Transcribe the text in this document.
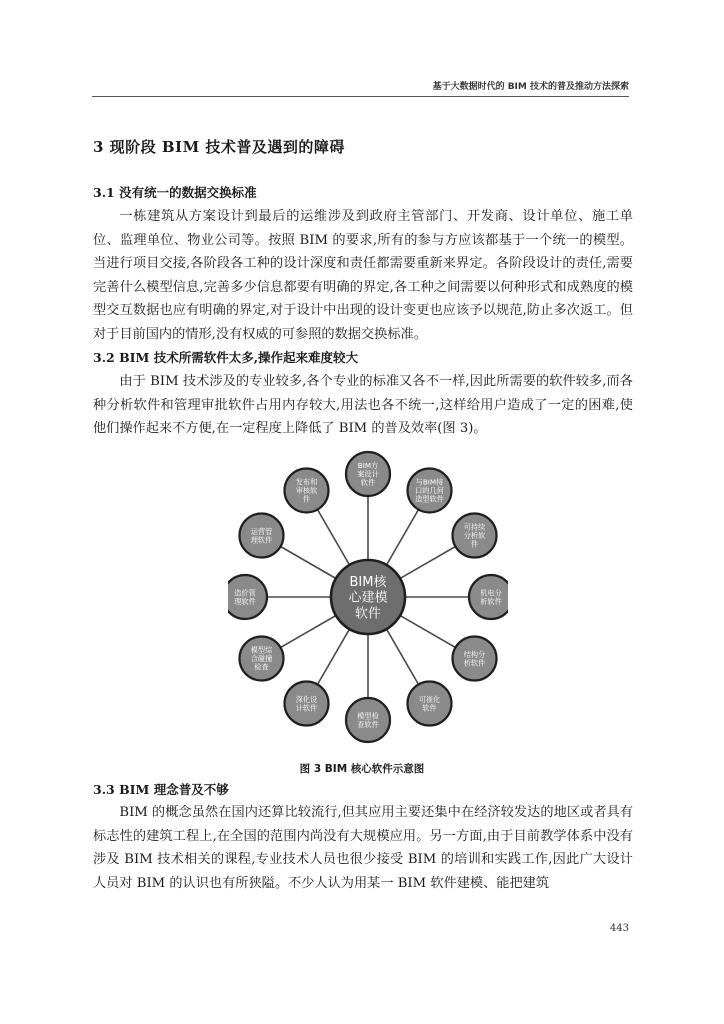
基于大数据时代的 BIM 技术的普及推动方法探索
3 现阶段 BIM 技术普及遇到的障碍
3.1 没有统一的数据交换标准
一栋建筑从方案设计到最后的运维涉及到政府主管部门、开发商、设计单位、施工单位、监理单位、物业公司等。按照 BIM 的要求,所有的参与方应该都基于一个统一的模型。当进行项目交接,各阶段各工种的设计深度和责任都需要重新来界定。各阶段设计的责任,需要完善什么模型信息,完善多少信息都要有明确的界定,各工种之间需要以何种形式和成熟度的模型交互数据也应有明确的界定,对于设计中出现的设计变更也应该予以规范,防止多次返工。但对于目前国内的情形,没有权威的可参照的数据交换标准。
3.2 BIM 技术所需软件太多,操作起来难度较大
由于 BIM 技术涉及的专业较多,各个专业的标准又各不一样,因此所需要的软件较多,而各种分析软件和管理审批软件占用内存较大,用法也各不统一,这样给用户造成了一定的困难,使他们操作起来不方便,在一定程度上降低了 BIM 的普及效率(图 3)。
BIM方
案设计
软件	与BIM接
口的几何
造型软件
可持续
分析软
件
机电分
析软件
结构分
析软件
可视化
软件
模型检
查软件
深化设
计软件
模型综
合碰撞
检查
造价管
理软件
运营管
理软件
发布和
审核软
件
BIM核
心建模
软件
图 3 BIM 核心软件示意图
3.3 BIM 理念普及不够
BIM 的概念虽然在国内还算比较流行,但其应用主要还集中在经济较发达的地区或者具有标志性的建筑工程上,在全国的范围内尚没有大规模应用。另一方面,由于目前教学体系中没有涉及 BIM 技术相关的课程,专业技术人员也很少接受 BIM 的培训和实践工作,因此广大设计人员对 BIM 的认识也有所狭隘。不少人认为用某一 BIM 软件建模、能把建筑
443
